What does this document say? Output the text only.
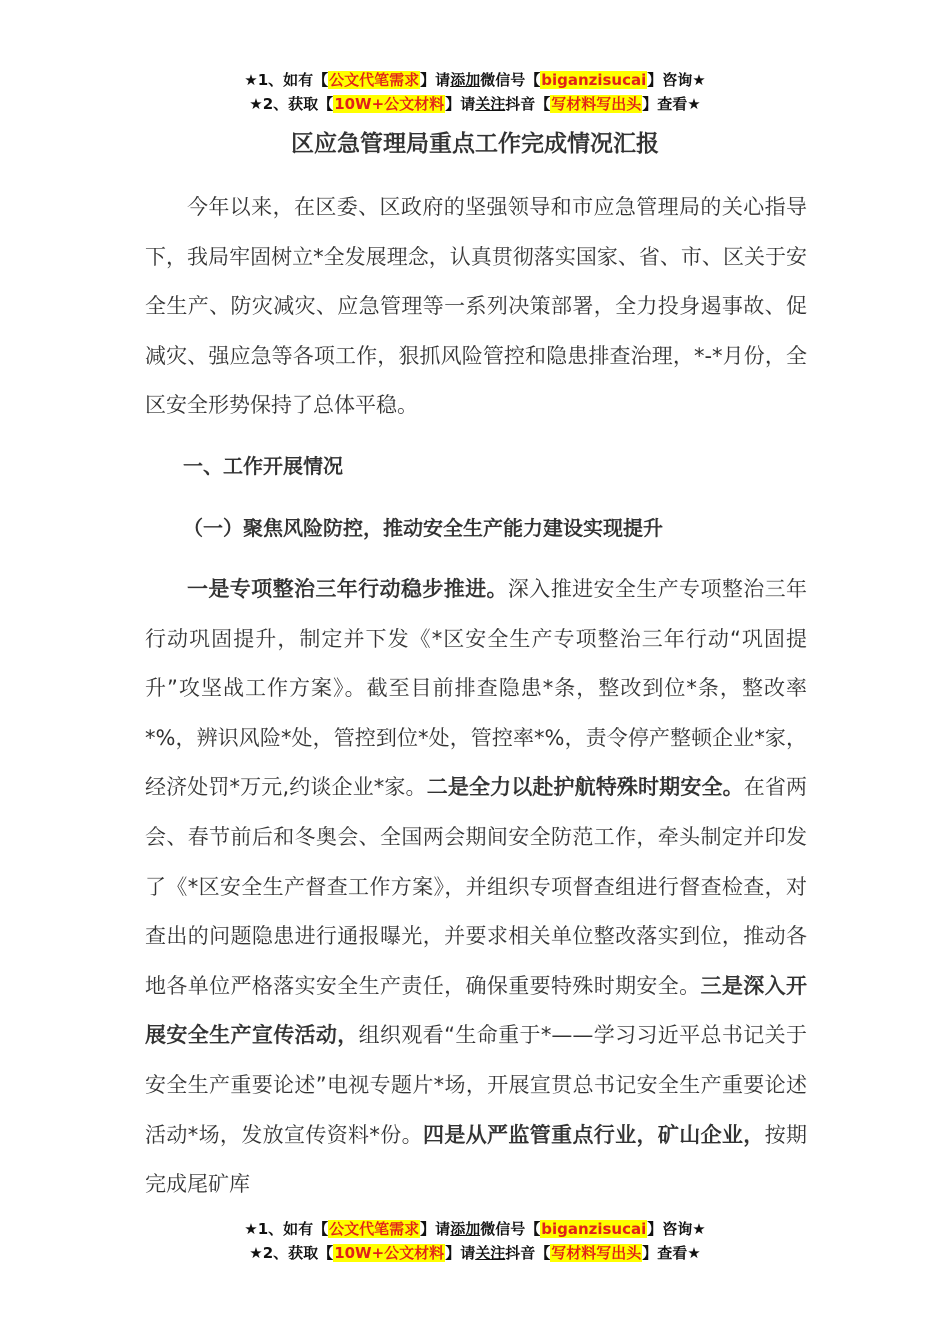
★1、如有【公文代笔需求】请添加微信号【biganzisucai】咨询★
★2、获取【10W+公文材料】请关注抖音【写材料写出头】查看★
区应急管理局重点工作完成情况汇报

今年以来，在区委、区政府的坚强领导和市应急管理局的关心指导下，我局牢固树立*全发展理念，认真贯彻落实国家、省、市、区关于安全生产、防灾减灾、应急管理等一系列决策部署，全力投身遏事故、促减灾、强应急等各项工作，狠抓风险管控和隐患排查治理，*-*月份，全区安全形势保持了总体平稳。

一、工作开展情况

（一）聚焦风险防控，推动安全生产能力建设实现提升

一是专项整治三年行动稳步推进。深入推进安全生产专项整治三年行动巩固提升，制定并下发《*区安全生产专项整治三年行动“巩固提升”攻坚战工作方案》。截至目前排查隐患*条，整改到位*条，整改率*%，辨识风险*处，管控到位*处，管控率*%，责令停产整顿企业*家，经济处罚*万元,约谈企业*家。二是全力以赴护航特殊时期安全。在省两会、春节前后和冬奥会、全国两会期间安全防范工作，牵头制定并印发了《*区安全生产督查工作方案》，并组织专项督查组进行督查检查，对查出的问题隐患进行通报曝光，并要求相关单位整改落实到位，推动各地各单位严格落实安全生产责任，确保重要特殊时期安全。三是深入开展安全生产宣传活动，组织观看“生命重于*——学习习近平总书记关于安全生产重要论述”电视专题片*场，开展宣贯总书记安全生产重要论述活动*场，发放宣传资料*份。四是从严监管重点行业，矿山企业，按期完成尾矿库

★1、如有【公文代笔需求】请添加微信号【biganzisucai】咨询★
★2、获取【10W+公文材料】请关注抖音【写材料写出头】查看★
